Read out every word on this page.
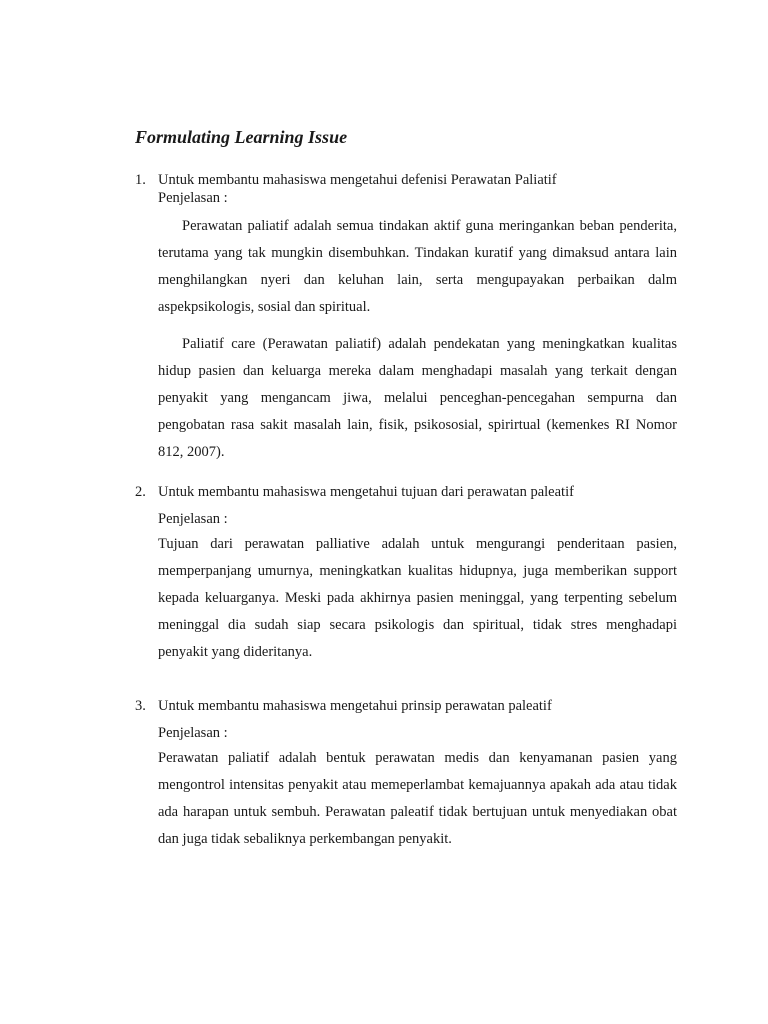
Formulating Learning Issue
1. Untuk membantu mahasiswa mengetahui defenisi Perawatan Paliatif
Penjelasan :

Perawatan paliatif adalah semua tindakan aktif guna meringankan beban penderita, terutama yang tak mungkin disembuhkan. Tindakan kuratif yang dimaksud antara lain menghilangkan nyeri dan keluhan lain, serta mengupayakan perbaikan dalm aspekpsikologis, sosial dan spiritual.

Paliatif care (Perawatan paliatif) adalah pendekatan yang meningkatkan kualitas hidup pasien dan keluarga mereka dalam menghadapi masalah yang terkait dengan penyakit yang mengancam jiwa, melalui penceghan-pencegahan sempurna dan pengobatan rasa sakit masalah lain, fisik, psikososial, spirirtual (kemenkes RI Nomor 812, 2007).

2. Untuk membantu mahasiswa mengetahui tujuan dari perawatan paleatif
Penjelasan :

Tujuan dari perawatan palliative adalah untuk mengurangi penderitaan pasien, memperpanjang umurnya, meningkatkan kualitas hidupnya, juga memberikan support kepada keluarganya. Meski pada akhirnya pasien meninggal, yang terpenting sebelum meninggal dia sudah siap secara psikologis dan spiritual, tidak stres menghadapi penyakit yang dideritanya.

3. Untuk membantu mahasiswa mengetahui prinsip perawatan paleatif
Penjelasan :

Perawatan paliatif adalah bentuk perawatan medis dan kenyamanan pasien yang mengontrol intensitas penyakit atau memeperlambat kemajuannya apakah ada atau tidak ada harapan untuk sembuh. Perawatan paleatif tidak bertujuan untuk menyediakan obat dan juga tidak sebaliknya perkembangan penyakit.
